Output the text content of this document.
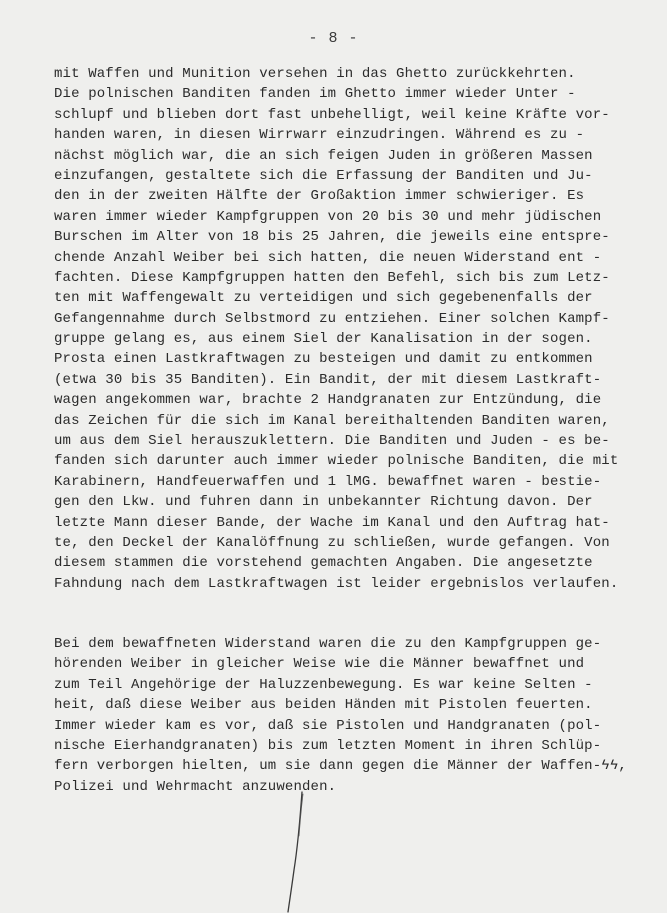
- 8 -
mit Waffen und Munition versehen in das Ghetto zurückkehrten.
Die polnischen Banditen fanden im Ghetto immer wieder Unter -
schlupf und blieben dort fast unbehelligt, weil keine Kräfte vor-
handen waren, in diesen Wirrwarr einzudringen. Während es zu -
nächst möglich war, die an sich feigen Juden in größeren Massen
einzufangen, gestaltete sich die Erfassung der Banditen und Ju-
den in der zweiten Hälfte der Großaktion immer schwieriger. Es
waren immer wieder Kampfgruppen von 20 bis 30 und mehr jüdischen
Burschen im Alter von 18 bis 25 Jahren, die jeweils eine entspre-
chende Anzahl Weiber bei sich hatten, die neuen Widerstand ent -
fachten. Diese Kampfgruppen hatten den Befehl, sich bis zum Letz-
ten mit Waffengewalt zu verteidigen und sich gegebenenfalls der
Gefangennahme durch Selbstmord zu entziehen. Einer solchen Kampf-
gruppe gelang es, aus einem Siel der Kanalisation in der sogen.
Prosta einen Lastkraftwagen zu besteigen und damit zu entkommen
(etwa 30 bis 35 Banditen). Ein Bandit, der mit diesem Lastkraft-
wagen angekommen war, brachte 2 Handgranaten zur Entzündung, die
das Zeichen für die sich im Kanal bereithaltenden Banditen waren,
um aus dem Siel herauszuklettern. Die Banditen und Juden - es be-
fanden sich darunter auch immer wieder polnische Banditen, die mit
Karabinern, Handfeuerwaffen und 1 lMG. bewaffnet waren - bestie-
gen den Lkw. und fuhren dann in unbekannter Richtung davon. Der
letzte Mann dieser Bande, der Wache im Kanal und den Auftrag hat-
te, den Deckel der Kanalöffnung zu schließen, wurde gefangen. Von
diesem stammen die vorstehend gemachten Angaben. Die angesetzte
Fahndung nach dem Lastkraftwagen ist leider ergebnislos verlaufen.
Bei dem bewaffneten Widerstand waren die zu den Kampfgruppen ge-
hörenden Weiber in gleicher Weise wie die Männer bewaffnet und
zum Teil Angehörige der Haluzzenbewegung. Es war keine Selten -
heit, daß diese Weiber aus beiden Händen mit Pistolen feuerten.
Immer wieder kam es vor, daß sie Pistolen und Handgranaten (pol-
nische Eierhandgranaten) bis zum letzten Moment in ihren Schlüp-
fern verborgen hielten, um sie dann gegen die Männer der Waffen-ϟϟ,
Polizei und Wehrmacht anzuwenden.
